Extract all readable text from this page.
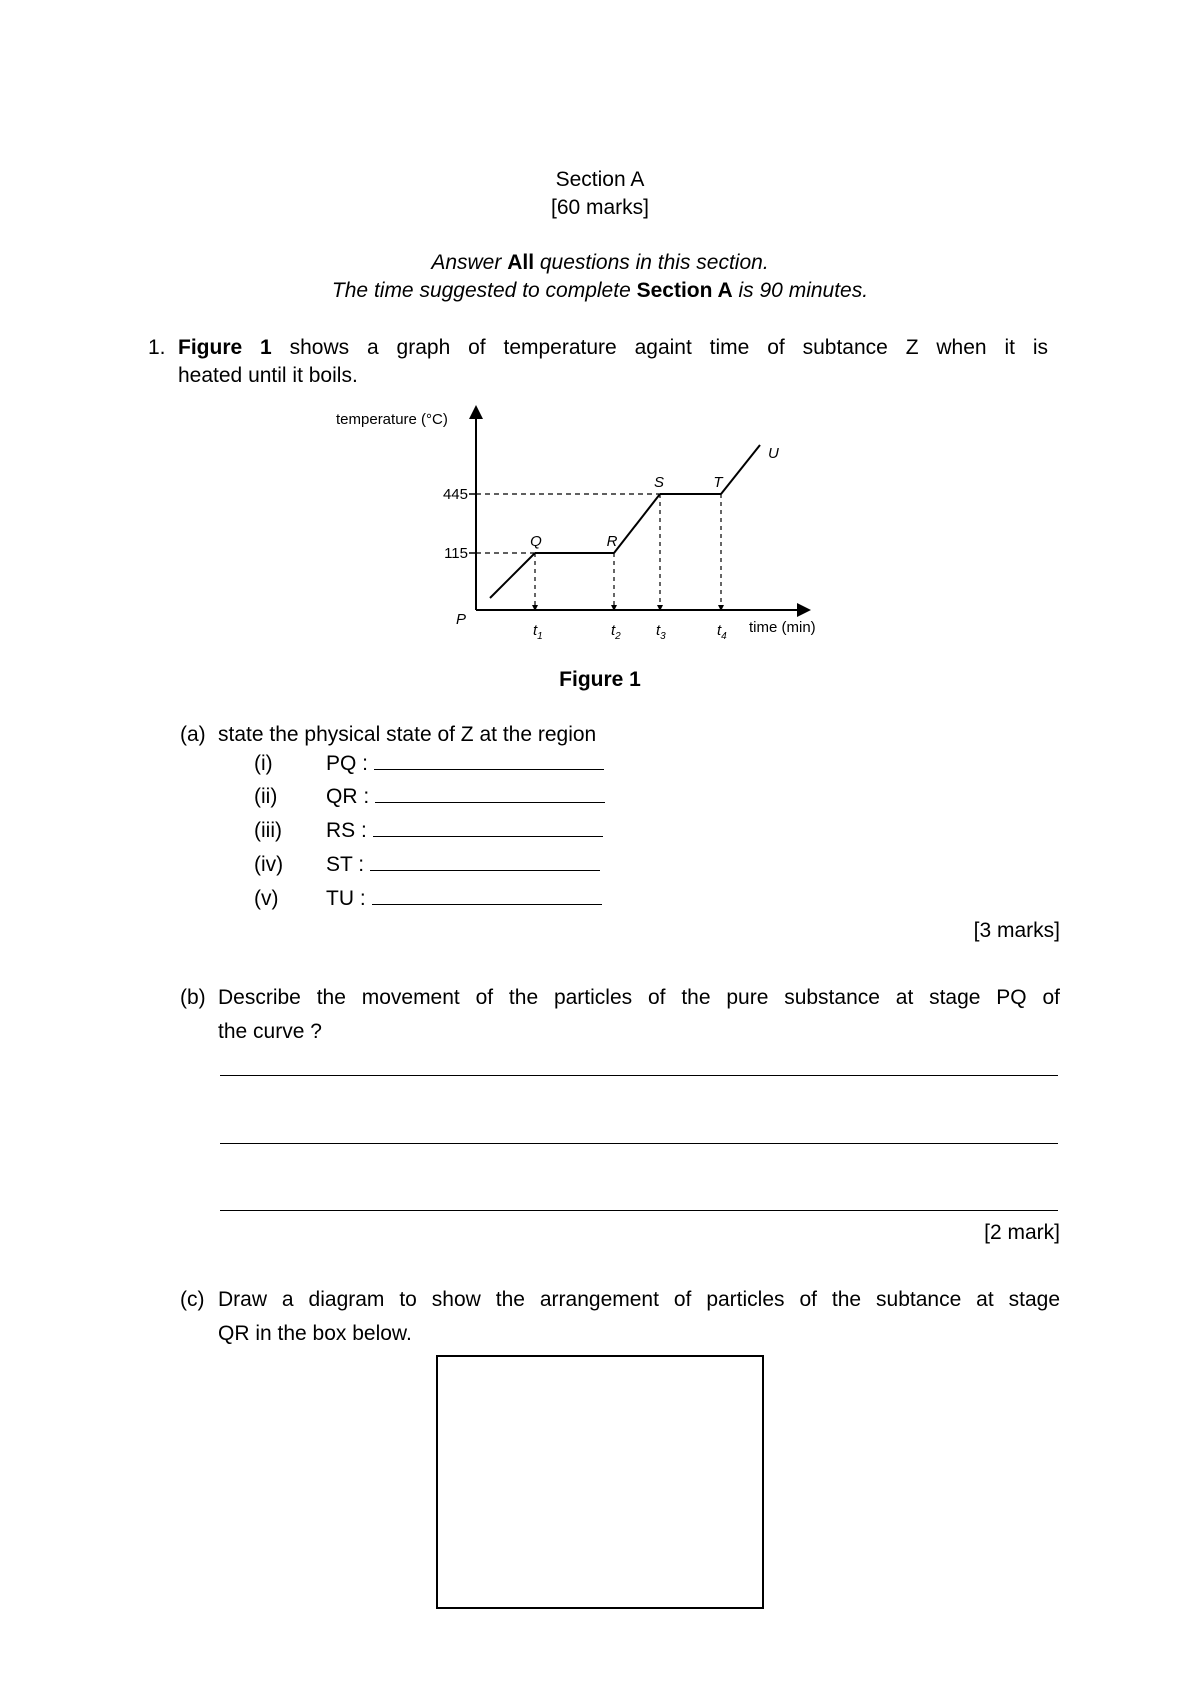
Section A
[60 marks]
Answer All questions in this section.
The time suggested to complete Section A is 90 minutes.
1. Figure 1 shows a graph of temperature againt time of subtance Z when it is
heated until it boils.
temperature (°C)
445
115
P
Q	R
S	T
U
$t_1$	$t_2$ $t_3$	$t_4$
time (min)
Figure 1
(a) state the physical state of Z at the region
(i)	PQ :
(ii) QR :
(iii) RS :
(iv) ST :
(v) TU :
[3 marks]
(b) Describe the movement of the particles of the pure substance at stage PQ of
the curve ?
[2 mark]
(c) Draw a diagram to show the arrangement of particles of the subtance at stage
QR in the box below.
